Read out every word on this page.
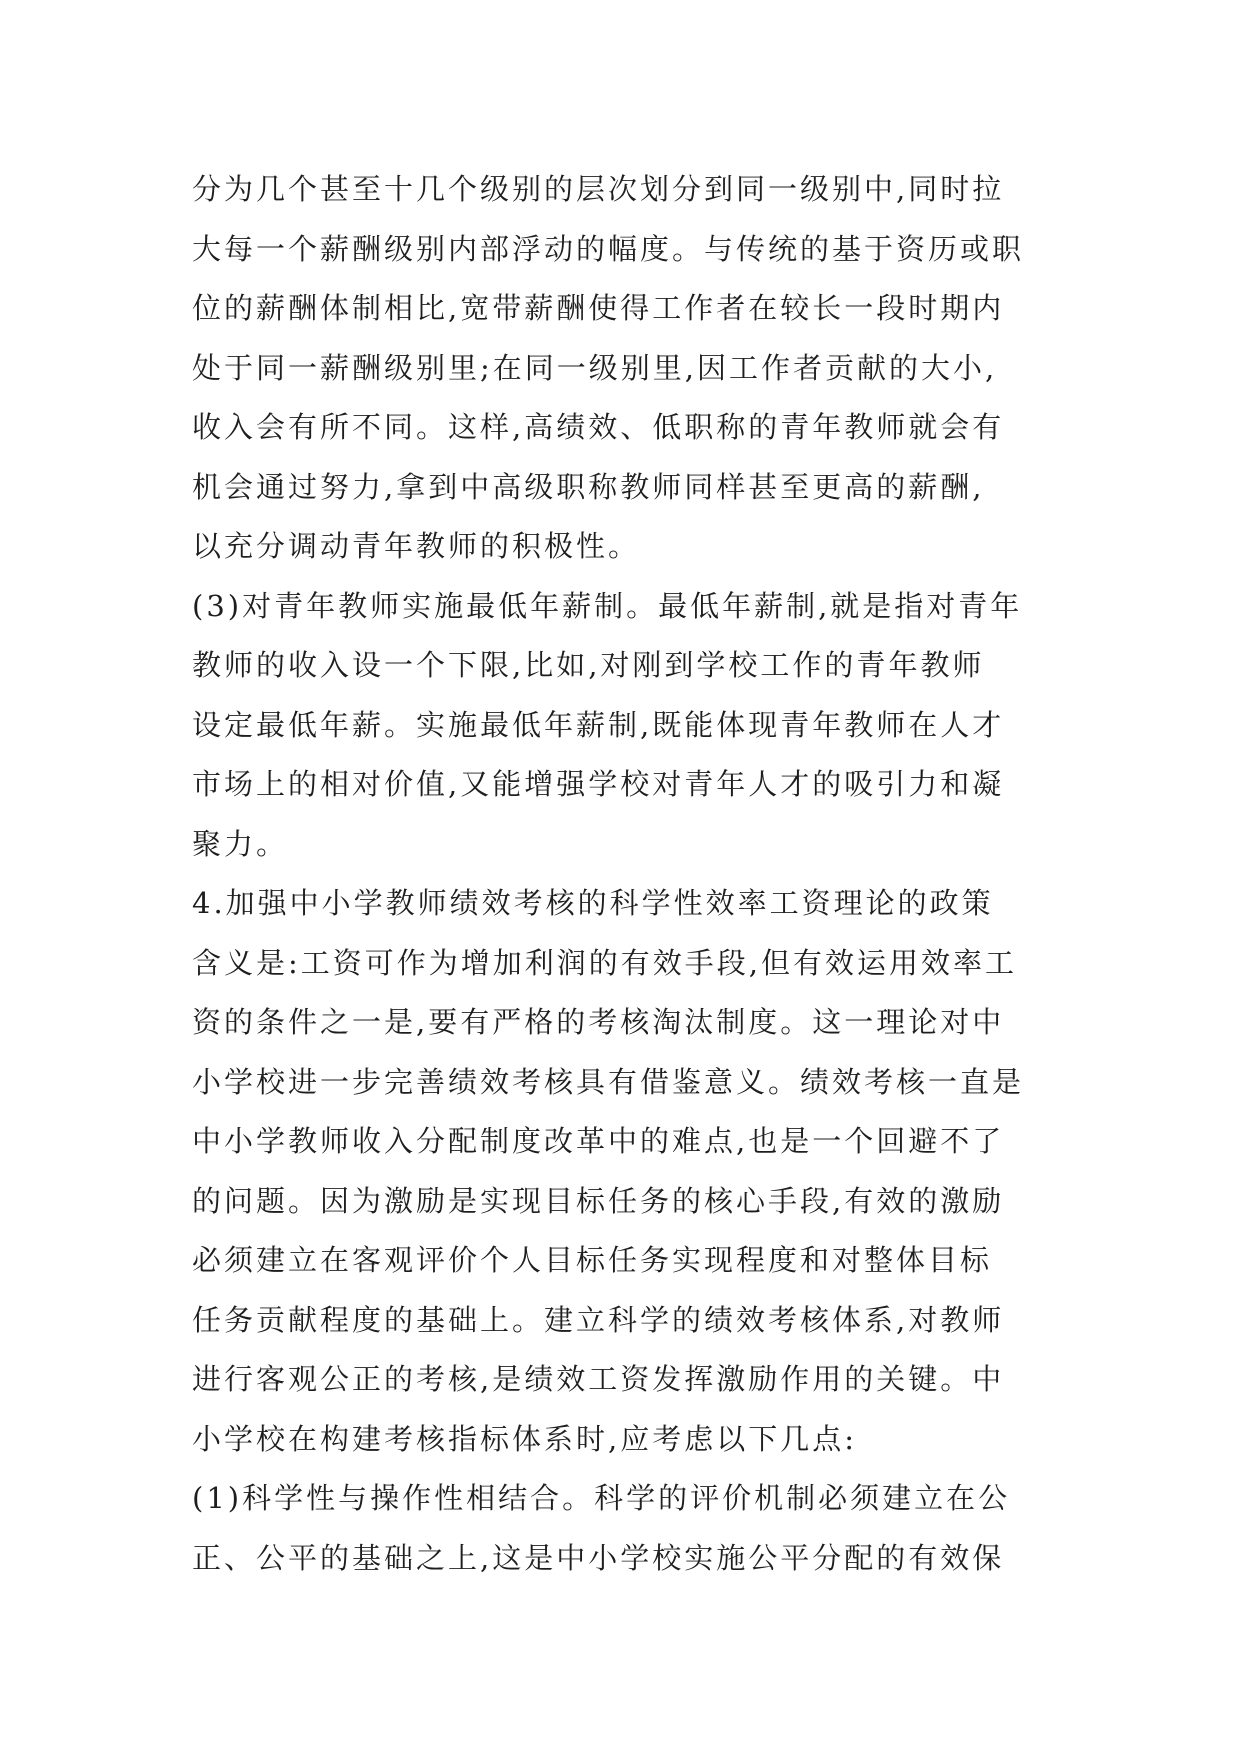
分为几个甚至十几个级别的层次划分到同一级别中,同时拉
大每一个薪酬级别内部浮动的幅度。与传统的基于资历或职
位的薪酬体制相比,宽带薪酬使得工作者在较长一段时期内
处于同一薪酬级别里;在同一级别里,因工作者贡献的大小,
收入会有所不同。这样,高绩效、低职称的青年教师就会有
机会通过努力,拿到中高级职称教师同样甚至更高的薪酬,
以充分调动青年教师的积极性。
(3)对青年教师实施最低年薪制。最低年薪制,就是指对青年
教师的收入设一个下限,比如,对刚到学校工作的青年教师
设定最低年薪。实施最低年薪制,既能体现青年教师在人才
市场上的相对价值,又能增强学校对青年人才的吸引力和凝
聚力。
4.加强中小学教师绩效考核的科学性效率工资理论的政策
含义是:工资可作为增加利润的有效手段,但有效运用效率工
资的条件之一是,要有严格的考核淘汰制度。这一理论对中
小学校进一步完善绩效考核具有借鉴意义。绩效考核一直是
中小学教师收入分配制度改革中的难点,也是一个回避不了
的问题。因为激励是实现目标任务的核心手段,有效的激励
必须建立在客观评价个人目标任务实现程度和对整体目标
任务贡献程度的基础上。建立科学的绩效考核体系,对教师
进行客观公正的考核,是绩效工资发挥激励作用的关键。中
小学校在构建考核指标体系时,应考虑以下几点:
(1)科学性与操作性相结合。科学的评价机制必须建立在公
正、公平的基础之上,这是中小学校实施公平分配的有效保
